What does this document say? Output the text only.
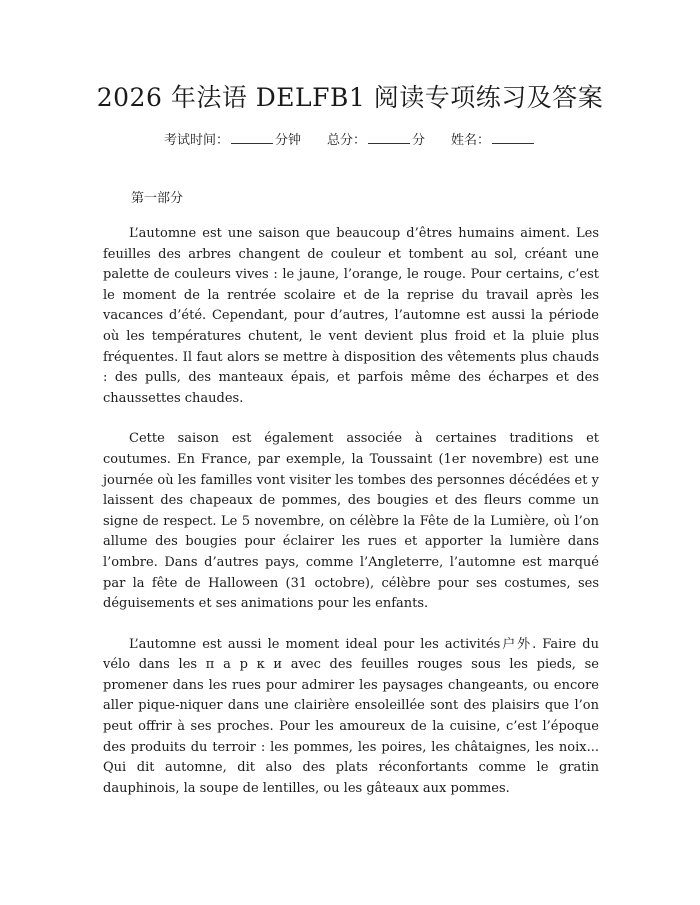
2026 年法语 DELFB1 阅读专项练习及答案
考试时间：	分钟 总分：	分 姓名：
第一部分

L’automne est une saison que beaucoup d’êtres humains aiment. Les feuilles des arbres changent de couleur et tombent au sol, créant une palette de couleurs vives : le jaune, l’orange, le rouge. Pour certains, c’est le moment de la rentrée scolaire et de la reprise du travail après les vacances d’été. Cependant, pour d’autres, l’automne est aussi la période où les températures chutent, le vent devient plus froid et la pluie plus fréquentes. Il faut alors se mettre à disposition des vêtements plus chauds : des pulls, des manteaux épais, et parfois même des écharpes et des chaussettes chaudes.

Cette saison est également associée à certaines traditions et coutumes. En France, par exemple, la Toussaint (1er novembre) est une journée où les familles vont visiter les tombes des personnes décédées et y laissent des chapeaux de pommes, des bougies et des fleurs comme un signe de respect. Le 5 novembre, on célèbre la Fête de la Lumière, où l’on allume des bougies pour éclairer les rues et apporter la lumière dans l’ombre. Dans d’autres pays, comme l’Angleterre, l’automne est marqué par la fête de Halloween (31 octobre), célèbre pour ses costumes, ses déguisements et ses animations pour les enfants.

L’automne est aussi le moment ideal pour les activités户外. Faire du vélo dans les п а р к и avec des feuilles rouges sous les pieds, se promener dans les rues pour admirer les paysages changeants, ou encore aller pique-niquer dans une clairière ensoleillée sont des plaisirs que l’on peut offrir à ses proches. Pour les amoureux de la cuisine, c’est l’époque des produits du terroir : les pommes, les poires, les châtaignes, les noix... Qui dit automne, dit also des plats réconfortants comme le gratin dauphinois, la soupe de lentilles, ou les gâteaux aux pommes.
